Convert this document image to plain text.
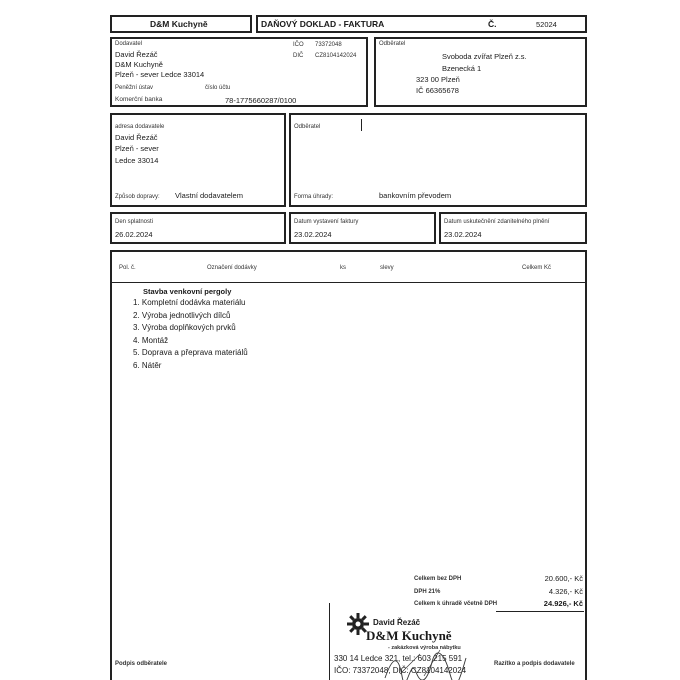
D&M Kuchyně	DAŇOVÝ DOKLAD - FAKTURA	Č.	52024
Dodavatel
David Řezáč
D&M Kuchyně
Plzeň - sever Ledce 33014
IČO 73372048
DIČ CZ8104142024
Peněžní ústav	číslo účtu
Komerční banka	78-1775660287/0100
Odběratel
Svoboda zvířat Plzeň z.s.
Bzenecká 1
323 00 Plzeň
IČ 66365678
adresa dodavatele
David Řezáč
Plzeň - sever
Ledce 33014
Způsob dopravy: Vlastní dodavatelem
Odběratel
Forma úhrady:	bankovním převodem
Den splatnosti
26.02.2024
Datum vystavení faktury
23.02.2024
Datum uskutečnění zdanitelného plnění
23.02.2024
Pol. č.	Označení dodávky	ks	slevy	Celkem Kč
Stavba venkovní pergoly
1. Kompletní dodávka materiálu
2. Výroba jednotlivých dílců
3. Výroba doplňkových prvků
4. Montáž
5. Doprava a přeprava materiálů
6. Nátěr
Celkem bez DPH	20.600,- Kč
DPH 21%	4.326,- Kč
Celkem k úhradě včetně DPH	24.926,- Kč
David Řezáč
D&M Kuchyně
- zakázková výroba nábytku
330 14 Ledce 321, tel.: 603 215 591
IČO: 73372048, DIČ: CZ8104142024
Podpis odběratele	Razítko a podpis dodavatele
